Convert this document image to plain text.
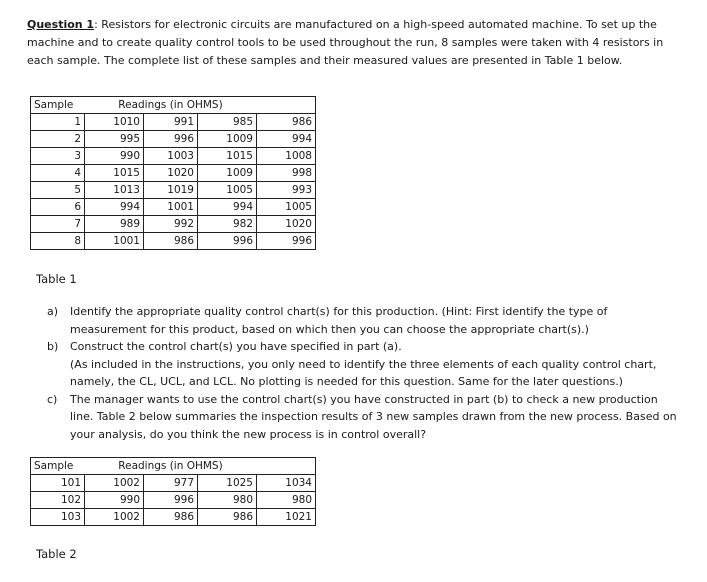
Question 1: Resistors for electronic circuits are manufactured on a high-speed automated machine. To set up the machine and to create quality control tools to be used throughout the run, 8 samples were taken with 4 resistors in each sample. The complete list of these samples and their measured values are presented in Table 1 below.
Sample	Readings (in OHMS)			
1	1010	991	985	986
2	995	996	1009	994
3	990	1003	1015	1008
4	1015	1020	1009	998
5	1013	1019	1005	993
6	994	1001	994	1005
7	989	992	982	1020
8	1001	986	996	996
Table 1
a)	Identify the appropriate quality control chart(s) for this production. (Hint: First identify the type of measurement for this product, based on which then you can choose the appropriate chart(s).)
b)	Construct the control chart(s) you have specified in part (a).
(As included in the instructions, you only need to identify the three elements of each quality control chart, namely, the CL, UCL, and LCL. No plotting is needed for this question. Same for the later questions.)
c)	The manager wants to use the control chart(s) you have constructed in part (b) to check a new production line. Table 2 below summaries the inspection results of 3 new samples drawn from the new process. Based on your analysis, do you think the new process is in control overall?
Sample	Readings (in OHMS)			
101	1002	977	1025	1034
102	990	996	980	980
103	1002	986	986	1021
Table 2
